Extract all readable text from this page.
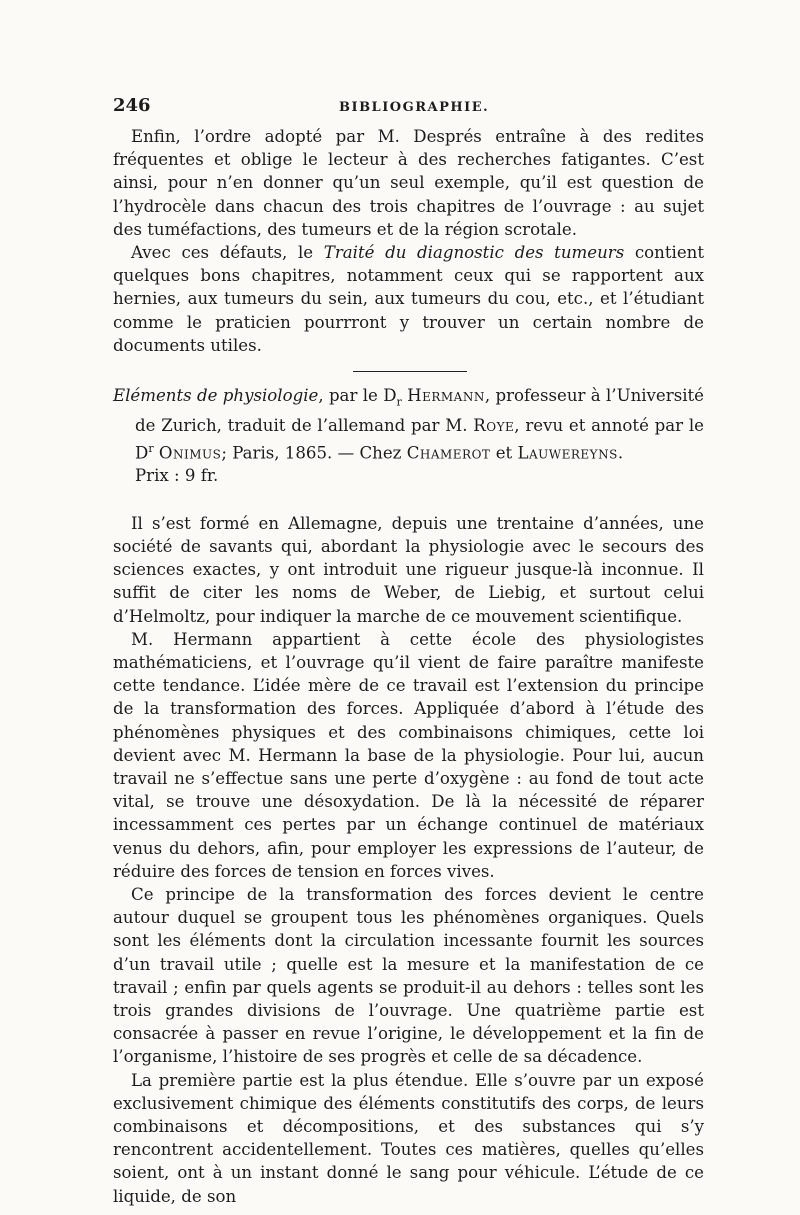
246	BIBLIOGRAPHIE.

Enfin, l’ordre adopté par M. Després entraîne à des redites fréquentes et oblige le lecteur à des recherches fatigantes. C’est ainsi, pour n’en donner qu’un seul exemple, qu’il est question de l’hydrocèle dans chacun des trois chapitres de l’ouvrage : au sujet des tuméfactions, des tumeurs et de la région scrotale.

Avec ces défauts, le Traité du diagnostic des tumeurs contient quelques bons chapitres, notamment ceux qui se rapportent aux hernies, aux tumeurs du sein, aux tumeurs du cou, etc., et l’étudiant comme le praticien pourrront y trouver un certain nombre de documents utiles.

Eléments de physiologie, par le $D_r$ Hermann, professeur à l’Université de Zurich, traduit de l’allemand par M. Roye, revu et annoté par le $D^r$ Onimus; Paris, 1865. — Chez Chamerot et Lauwereyns.
Prix : 9 fr.

Il s’est formé en Allemagne, depuis une trentaine d’années, une société de savants qui, abordant la physiologie avec le secours des sciences exactes, y ont introduit une rigueur jusque-là inconnue. Il suffit de citer les noms de Weber, de Liebig, et surtout celui d’Helmoltz, pour indiquer la marche de ce mouvement scientifique.

M. Hermann appartient à cette école des physiologistes mathématiciens, et l’ouvrage qu’il vient de faire paraître manifeste cette tendance. L’idée mère de ce travail est l’extension du principe de la transformation des forces. Appliquée d’abord à l’étude des phénomènes physiques et des combinaisons chimiques, cette loi devient avec M. Hermann la base de la physiologie. Pour lui, aucun travail ne s’effectue sans une perte d’oxygène : au fond de tout acte vital, se trouve une désoxydation. De là la nécessité de réparer incessamment ces pertes par un échange continuel de matériaux venus du dehors, afin, pour employer les expressions de l’auteur, de réduire des forces de tension en forces vives.

Ce principe de la transformation des forces devient le centre autour duquel se groupent tous les phénomènes organiques. Quels sont les éléments dont la circulation incessante fournit les sources d’un travail utile ; quelle est la mesure et la manifestation de ce travail ; enfin par quels agents se produit-il au dehors : telles sont les trois grandes divisions de l’ouvrage. Une quatrième partie est consacrée à passer en revue l’origine, le développement et la fin de l’organisme, l’histoire de ses progrès et celle de sa décadence.

La première partie est la plus étendue. Elle s’ouvre par un exposé exclusivement chimique des éléments constitutifs des corps, de leurs combinaisons et décompositions, et des substances qui s’y rencontrent accidentellement. Toutes ces matières, quelles qu’elles soient, ont à un instant donné le sang pour véhicule. L’étude de ce liquide, de son
